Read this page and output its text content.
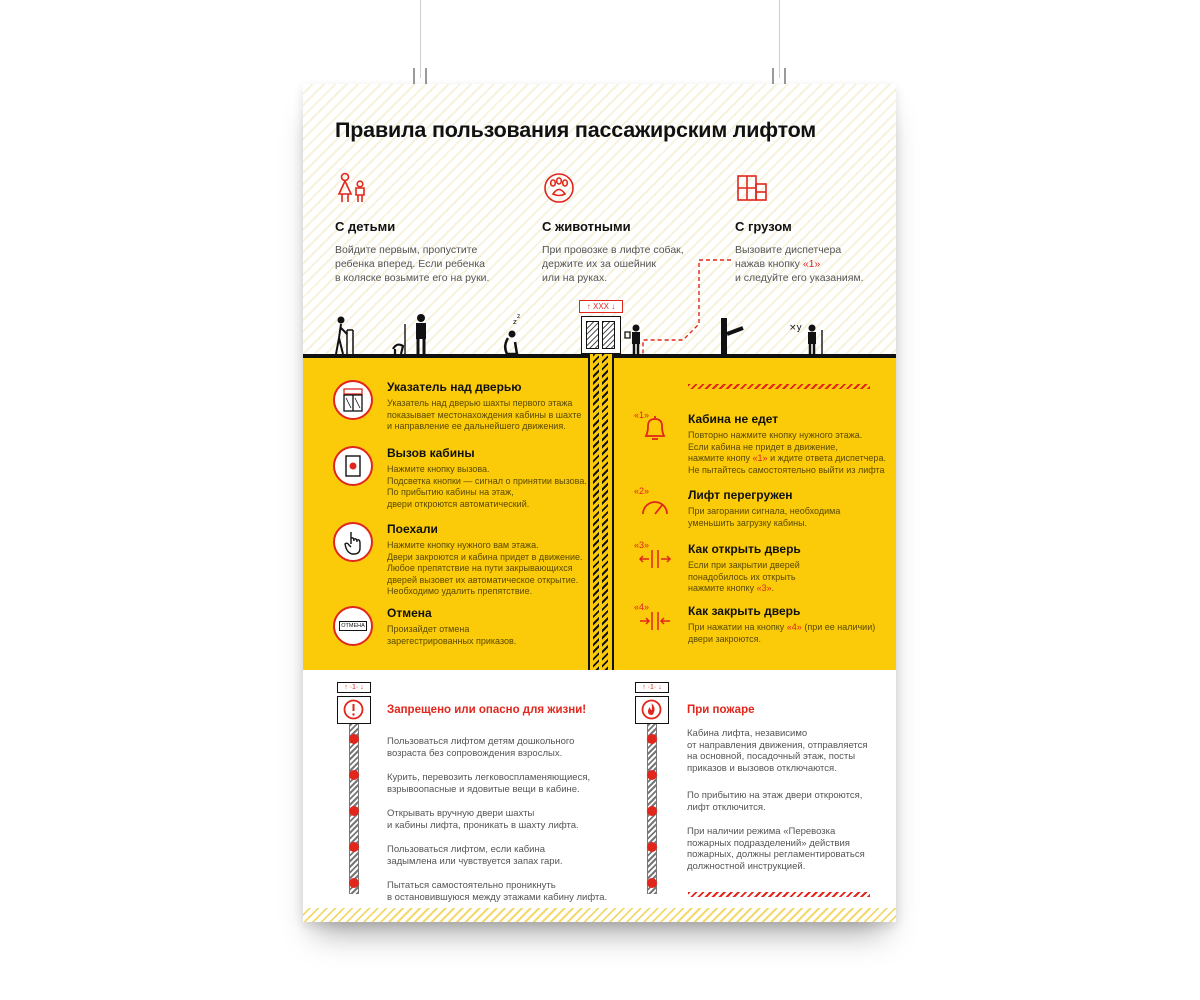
Правила пользования пассажирским лифтом
С детьми

Войдите первым, пропустите
ребенка вперед. Если ребенка
в коляске возьмите его на руки.

С животными

При провозке в лифте собак,
держите их за ошейник
или на руках.

С грузом

Вызовите диспетчера
нажав кнопку «1»
и следуйте его указаниям.

z
z
×y
↑ XXX ↓
Указатель над дверью

Указатель над дверью шахты первого этажа
показывает местонахождения кабины в шахте
и направление ее дальнейшего движения.

Вызов кабины

Нажмите кнопку вызова.
Подсветка кнопки — сигнал о принятии вызова.
По прибытию кабины на этаж,
двери откроются автоматический.

Поехали

Нажмите кнопку нужного вам этажа.
Двери закроются и кабина придет в движение.
Любое препятствие на пути закрывающихся
дверей вызовет их автоматическое открытие.
Необходимо удалить препятствие.

ОТМЕНА
Отмена

Произайдет отмена
зарегестрированных приказов.

«1»	Кабина не едет

Повторно нажмите кнопку нужного этажа.
Если кабина не придет в движение,
нажмите кнопу «1» и ждите ответа диспетчера.
Не пытайтесь самостоятельно выйти из лифта

«2»	Лифт перегружен

При загорании сигнала, необходима
уменьшить загрузку кабины.

«3»	Как открыть дверь

Если при закрытии дверей
понадобилось их открыть
нажмите кнопку «3».

«4»	Как закрыть дверь

При нажатии на кнопку «4» (при ее наличии)
двери закроются.

↑ ·1· ↓
Запрещено или опасно для жизни!

Пользоваться лифтом детям дошкольного
возраста без сопровождения взрослых.

Курить, перевозить легковоспламеняющиеся,
взрывоопасные и ядовитые вещи в кабине.

Открывать вручную двери шахты
и кабины лифта, проникать в шахту лифта.

Пользоваться лифтом, если кабина
задымлена или чувствуется запах гари.

Пытаться самостоятельно проникнуть
в остановившуюся между этажами кабину лифта.

↑ ·1· ↓
При пожаре

Кабина лифта, независимо
от направления движения, отправляется
на основной, посадочный этаж, посты
приказов и вызовов отключаются.

По прибытию на этаж двери откроются,
лифт отключится.

При наличии режима «Перевозка
пожарных подразделений» действия
пожарных, должны регламентироваться
должностной инструкцией.
